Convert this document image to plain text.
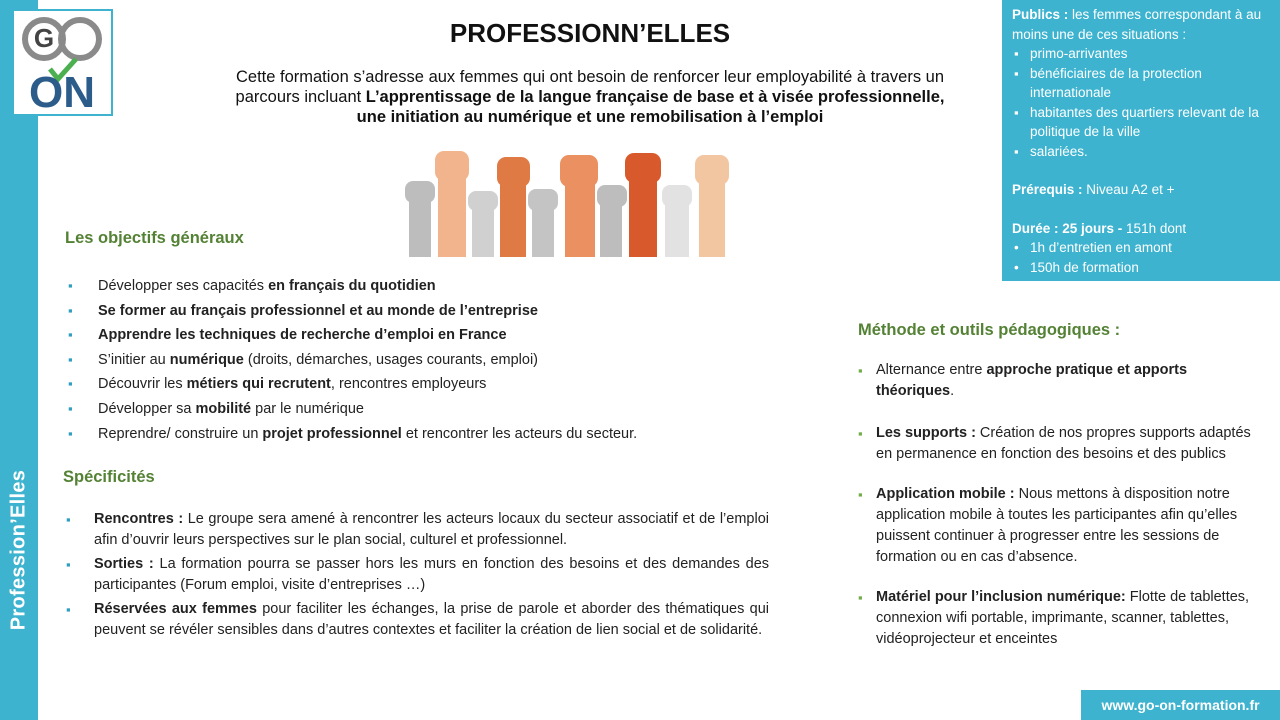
Profession’Elles
G
ON
PROFESSIONN’ELLES
Cette formation s’adresse aux femmes qui ont besoin de renforcer leur employabilité à travers un parcours incluant L’apprentissage de la langue française de base et à visée professionnelle, une initiation au numérique et une remobilisation à l’emploi
Publics : les femmes correspondant à au moins une de ces situations :
▪ primo-arrivantes
▪ bénéficiaires de la protection internationale
▪ habitantes des quartiers relevant de la politique de la ville
▪ salariées.
Prérequis : Niveau A2 et +
Durée : 25 jours - 151h dont
• 1h d’entretien en amont
• 150h de formation
Les objectifs généraux
▪ Développer ses capacités en français du quotidien
▪ Se former au français professionnel et au monde de l’entreprise
▪ Apprendre les techniques de recherche d’emploi en France
▪ S’initier au numérique (droits, démarches, usages courants, emploi)
▪ Découvrir les métiers qui recrutent, rencontres employeurs
▪ Développer sa mobilité par le numérique
▪ Reprendre/ construire un projet professionnel et rencontrer les acteurs du secteur.
Spécificités
▪ Rencontres : Le groupe sera amené à rencontrer les acteurs locaux du secteur associatif et de l’emploi afin d’ouvrir leurs perspectives sur le plan social, culturel et professionnel.
▪ Sorties : La formation pourra se passer hors les murs en fonction des besoins et des demandes des participantes (Forum emploi, visite d’entreprises …)
▪ Réservées aux femmes pour faciliter les échanges, la prise de parole et aborder des thématiques qui peuvent se révéler sensibles dans d’autres contextes et faciliter la création de lien social et de solidarité.
Méthode et outils pédagogiques :
▪ Alternance entre approche pratique et apports théoriques.
▪ Les supports : Création de nos propres supports adaptés en permanence en fonction des besoins et des publics
▪ Application mobile : Nous mettons à disposition notre application mobile à toutes les participantes afin qu’elles puissent continuer à progresser entre les sessions de formation ou en cas d’absence.
▪ Matériel pour l’inclusion numérique: Flotte de tablettes, connexion wifi portable, imprimante, scanner, tablettes, vidéoprojecteur et enceintes
www.go-on-formation.fr
